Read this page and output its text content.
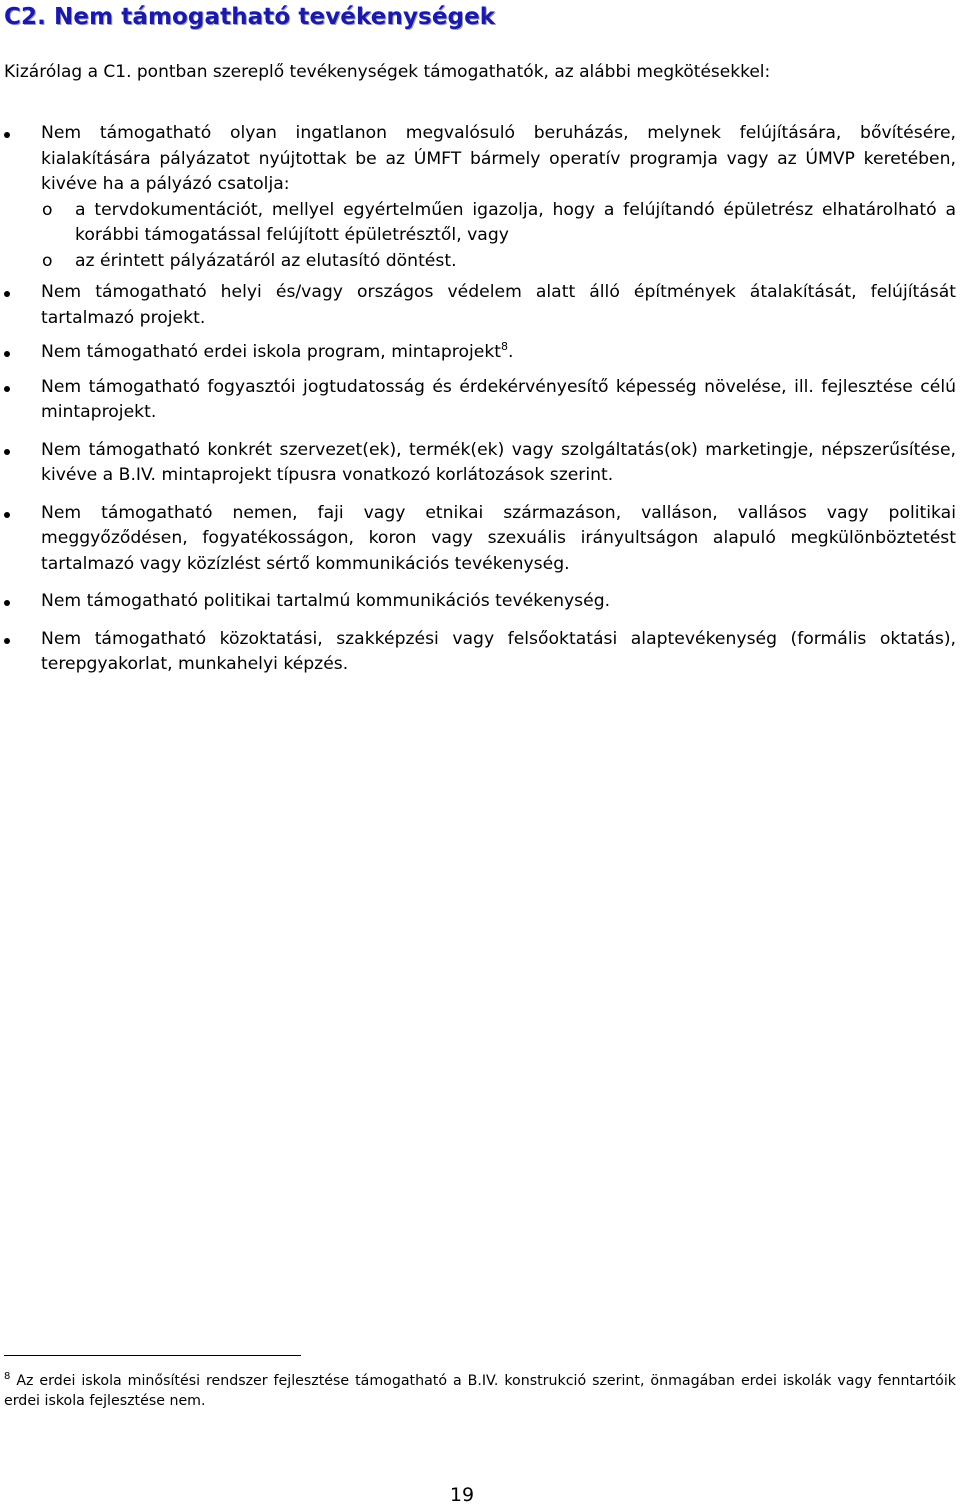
C2. Nem támogatható tevékenységek

Kizárólag a C1. pontban szereplő tevékenységek támogathatók, az alábbi megkötésekkel:

Nem támogatható olyan ingatlanon megvalósuló beruházás, melynek felújítására, bővítésére, kialakítására pályázatot nyújtottak be az ÚMFT bármely operatív programja vagy az ÚMVP keretében, kivéve ha a pályázó csatolja:
o a tervdokumentációt, mellyel egyértelműen igazolja, hogy a felújítandó épületrész elhatárolható a korábbi támogatással felújított épületrésztől, vagy
o az érintett pályázatáról az elutasító döntést.
Nem támogatható helyi és/vagy országos védelem alatt álló építmények átalakítását, felújítását tartalmazó projekt.
Nem támogatható erdei iskola program, mintaprojekt$^8$.
Nem támogatható fogyasztói jogtudatosság és érdekérvényesítő képesség növelése, ill. fejlesztése célú mintaprojekt.
Nem támogatható konkrét szervezet(ek), termék(ek) vagy szolgáltatás(ok) marketingje, népszerűsítése, kivéve a B.IV. mintaprojekt típusra vonatkozó korlátozások szerint.
Nem támogatható nemen, faji vagy etnikai származáson, valláson, vallásos vagy politikai meggyőződésen, fogyatékosságon, koron vagy szexuális irányultságon alapuló megkülönböztetést tartalmazó vagy közízlést sértő kommunikációs tevékenység.
Nem támogatható politikai tartalmú kommunikációs tevékenység.
Nem támogatható közoktatási, szakképzési vagy felsőoktatási alaptevékenység (formális oktatás), terepgyakorlat, munkahelyi képzés.

$^8$ Az erdei iskola minősítési rendszer fejlesztése támogatható a B.IV. konstrukció szerint, önmagában erdei iskolák vagy fenntartóik erdei iskola fejlesztése nem.

19
